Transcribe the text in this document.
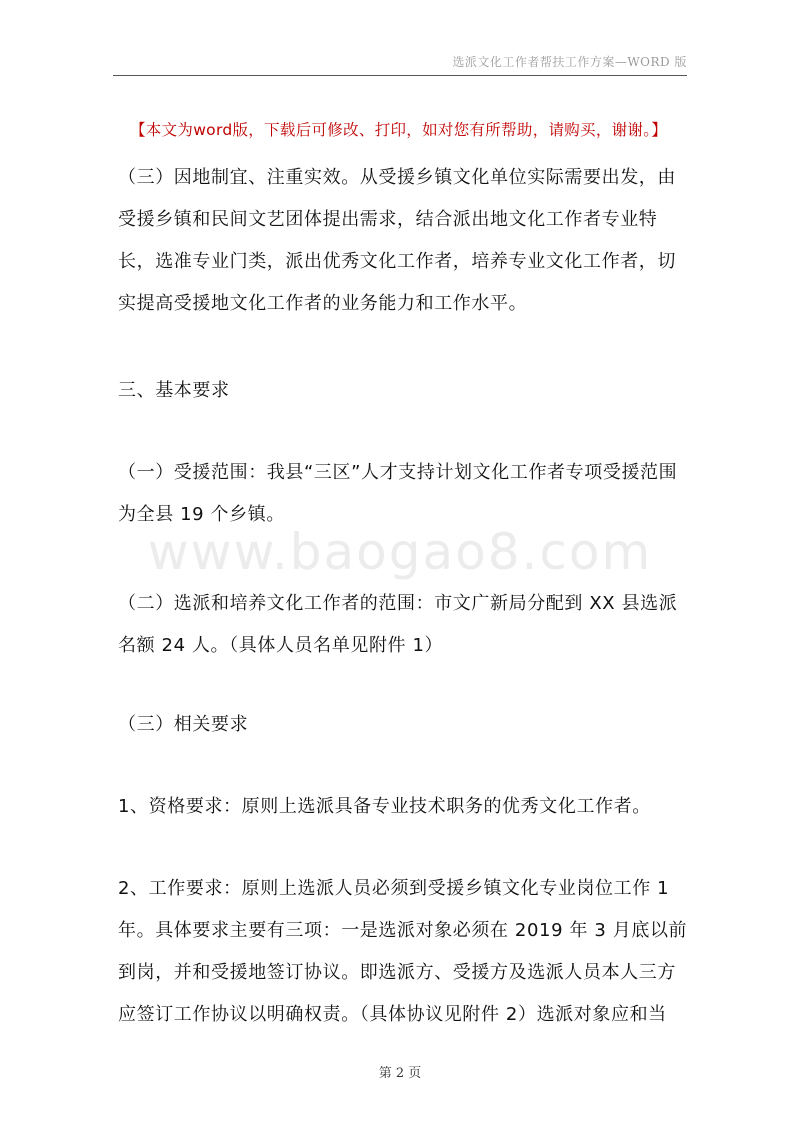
选派文化工作者帮扶工作方案—WORD 版
【本文为word版，下载后可修改、打印，如对您有所帮助，请购买，谢谢。】
www.baogao8.com

（三）因地制宜、注重实效。从受援乡镇文化单位实际需要出发，由
受援乡镇和民间文艺团体提出需求，结合派出地文化工作者专业特
长，选准专业门类，派出优秀文化工作者，培养专业文化工作者，切
实提高受援地文化工作者的业务能力和工作水平。

三、基本要求

（一）受援范围：我县“三区”人才支持计划文化工作者专项受援范围
为全县 19 个乡镇。

（二）选派和培养文化工作者的范围：市文广新局分配到 XX 县选派
名额 24 人。（具体人员名单见附件 1）

（三）相关要求

1、资格要求：原则上选派具备专业技术职务的优秀文化工作者。

2、工作要求：原则上选派人员必须到受援乡镇文化专业岗位工作 1
年。具体要求主要有三项：一是选派对象必须在 2019 年 3 月底以前
到岗，并和受援地签订协议。即选派方、受援方及选派人员本人三方
应签订工作协议以明确权责。（具体协议见附件 2）选派对象应和当

第 2 页
